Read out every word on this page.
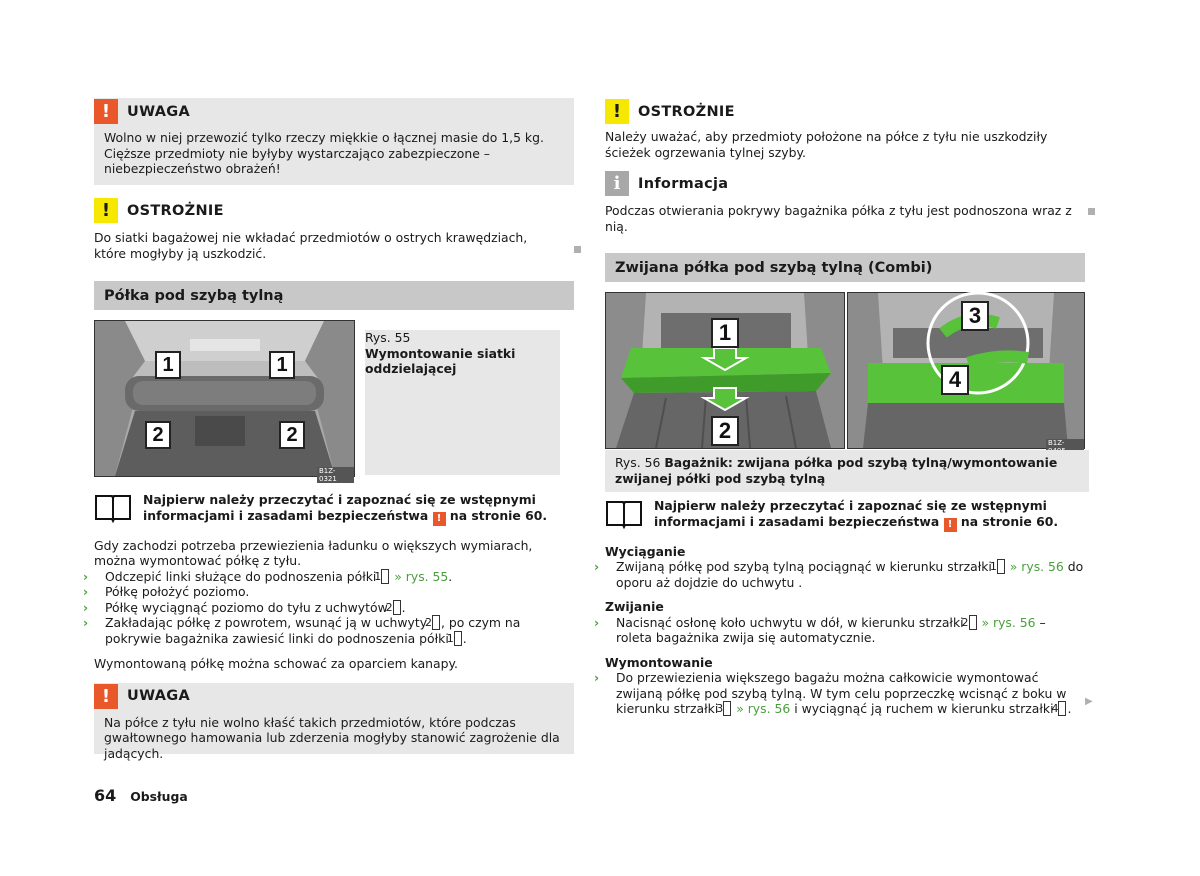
!	UWAGA

Wolno w niej przewozić tylko rzeczy miękkie o łącznej masie do 1,5 kg. Cięższe przedmioty nie byłyby wystarczająco zabezpieczone – niebezpieczeństwo obrażeń!

!	OSTROŻNIE

Do siatki bagażowej nie wkładać przedmiotów o ostrych krawędziach, które mogłyby ją uszkodzić.

Półka pod szybą tylną
1	1
2	2
B1Z-0321

Rys. 55

Wymontowanie siatki oddzielającej

Najpierw należy przeczytać i zapoznać się ze wstępnymi informacjami i zasadami bezpieczeństwa ! na stronie 60.

Gdy zachodzi potrzeba przewiezienia ładunku o większych wymiarach, można wymontować półkę z tyłu.

› Odczepić linki służące do podnoszenia półki 1 » rys. 55.

› Półkę położyć poziomo.

› Półkę wyciągnąć poziomo do tyłu z uchwytów 2 .

› Zakładając półkę z powrotem, wsunąć ją w uchwyty 2 , po czym na pokrywie bagażnika zawiesić linki do podnoszenia półki 1 .

Wymontowaną półkę można schować za oparciem kanapy.

!	UWAGA

Na półce z tyłu nie wolno kłaść takich przedmiotów, które podczas gwałtownego hamowania lub zderzenia mogłyby stanowić zagrożenie dla jadących.

!	OSTROŻNIE

Należy uważać, aby przedmioty położone na półce z tyłu nie uszkodziły ścieżek ogrzewania tylnej szyby.

i	Informacja

Podczas otwierania pokrywy bagażnika półka z tyłu jest podnoszona wraz z nią.

Zwijana półka pod szybą tylną (Combi)
1
2
3
4
B1Z-

Rys. 56 Bagażnik: zwijana półka pod szybą tylną/wymontowanie zwijanej półki pod szybą tylną

Najpierw należy przeczytać i zapoznać się ze wstępnymi informacjami i zasadami bezpieczeństwa ! na stronie 60.

Wyciąganie

› Zwijaną półkę pod szybą tylną pociągnąć w kierunku strzałki 1 » rys. 56 do oporu aż dojdzie do uchwytu .

Zwijanie

› Nacisnąć osłonę koło uchwytu w dół, w kierunku strzałki 2 » rys. 56 – roleta bagażnika zwija się automatycznie.

Wymontowanie

› Do przewiezienia większego bagażu można całkowicie wymontować zwijaną półkę pod szybą tylną. W tym celu poprzeczkę wcisnąć z boku w kierunku strzałki 3 » rys. 56 i wyciągnąć ją ruchem w kierunku strzałki 4 .	▶
64 Obsługa
